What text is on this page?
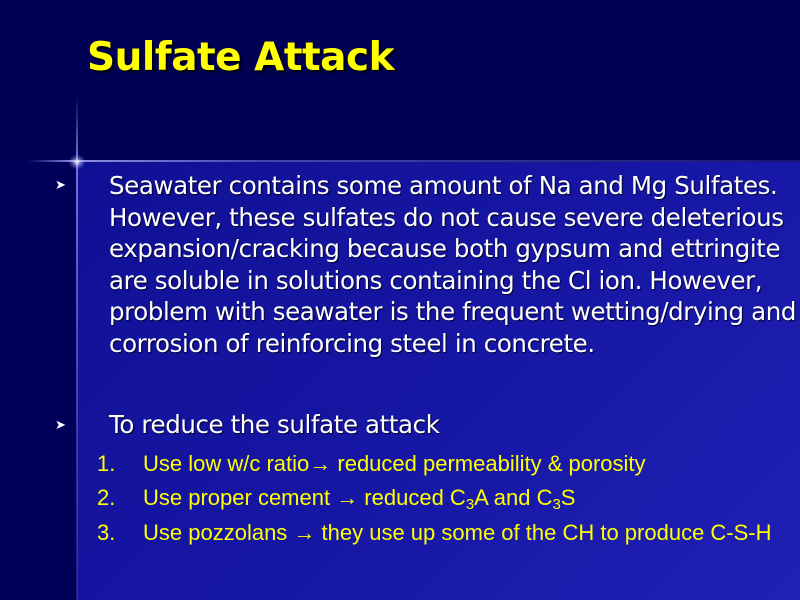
Sulfate Attack
➤ Seawater contains some amount of Na and Mg Sulfates. However, these sulfates do not cause severe deleterious expansion/cracking because both gypsum and ettringite are soluble in solutions containing the Cl ion. However, problem with seawater is the frequent wetting/drying and corrosion of reinforcing steel in concrete.

➤ To reduce the sulfate attack

1. Use low w/c ratio→ reduced permeability & porosity

2. Use proper cement → reduced $C_3A$ and $C_3S$

3. Use pozzolans → they use up some of the CH to produce C-S-H
